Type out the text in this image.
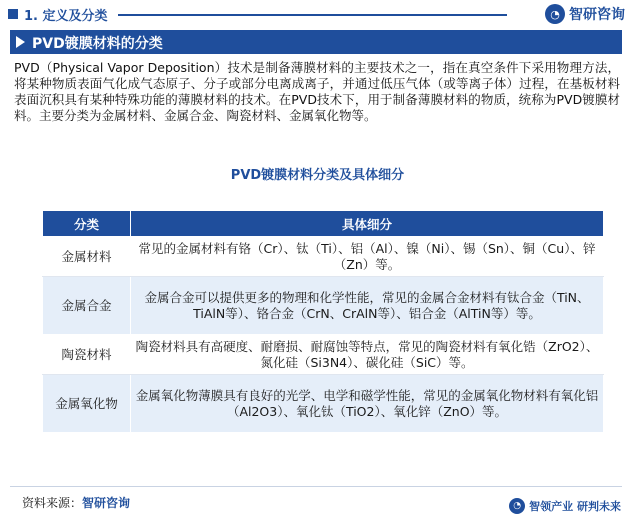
1. 定义及分类	◔ 智研咨询
PVD镀膜材料的分类

PVD（Physical Vapor Deposition）技术是制备薄膜材料的主要技术之一，指在真空条件下采用物理方法，将某种物质表面气化成气态原子、分子或部分电离成离子，并通过低压气体（或等离子体）过程，在基板材料表面沉积具有某种特殊功能的薄膜材料的技术。在PVD技术下，用于制备薄膜材料的物质，统称为PVD镀膜材料。主要分类为金属材料、金属合金、陶瓷材料、金属氧化物等。

PVD镀膜材料分类及具体细分
分类	具体细分
金属材料	常见的金属材料有铬（Cr）、钛（Ti）、铝（Al）、镍（Ni）、锡（Sn）、铜（Cu）、锌（Zn）等。
金属合金	金属合金可以提供更多的物理和化学性能，常见的金属合金材料有钛合金（TiN、TiAlN等）、铬合金（CrN、CrAlN等）、铝合金（AlTiN等）等。
陶瓷材料	陶瓷材料具有高硬度、耐磨损、耐腐蚀等特点，常见的陶瓷材料有氧化锆（ZrO2）、氮化硅（Si3N4）、碳化硅（SiC）等。
金属氧化物	金属氧化物薄膜具有良好的光学、电学和磁学性能，常见的金属氧化物材料有氧化铝（Al2O3）、氧化钛（TiO2）、氧化锌（ZnO）等。
资料来源：智研咨询	◔ 智领产业 研判未来
